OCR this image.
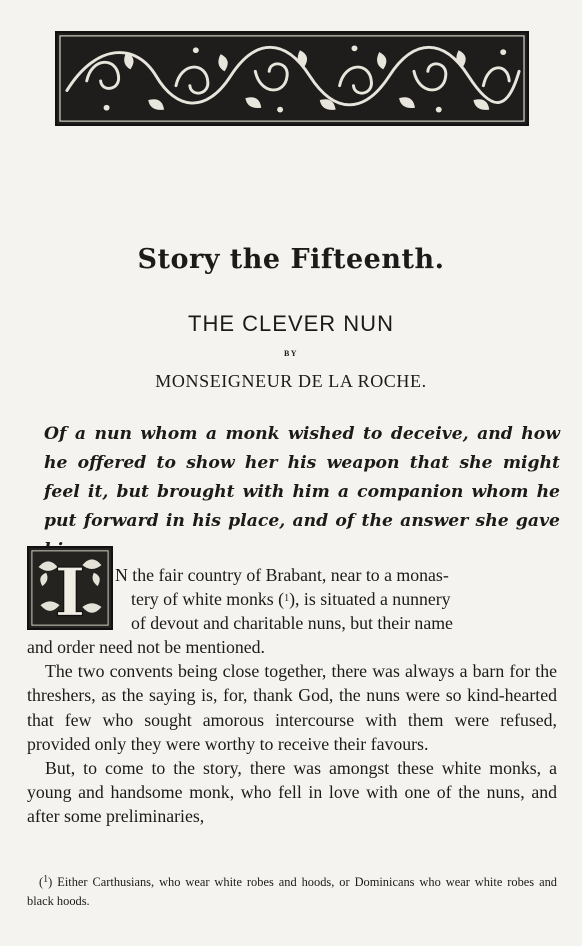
Story the Fifteenth.
THE CLEVER NUN
BY
MONSEIGNEUR DE LA ROCHE.
Of a nun whom a monk wished to deceive, and how he offered to show her his weapon that she might feel it, but brought with him a companion whom he put forward in his place, and of the answer she gave
I	N the fair country of Brabant, near to a monas-

tery of white monks ($^1$), is situated a nunnery

of devout and charitable nuns, but their name

and order need not be mentioned.

The two convents being close together, there was always a barn for the threshers, as the saying is, for, thank God, the nuns were so kind-hearted that few who sought amorous intercourse with them were refused, provided only they were worthy to receive their favours.

But, to come to the story, there was amongst these white monks, a young and handsome monk, who fell in love with one of the nuns, and after some preliminaries,

($^1$) Either Carthusians, who wear white robes and hoods, or Dominicans who wear white robes and black hoods.
